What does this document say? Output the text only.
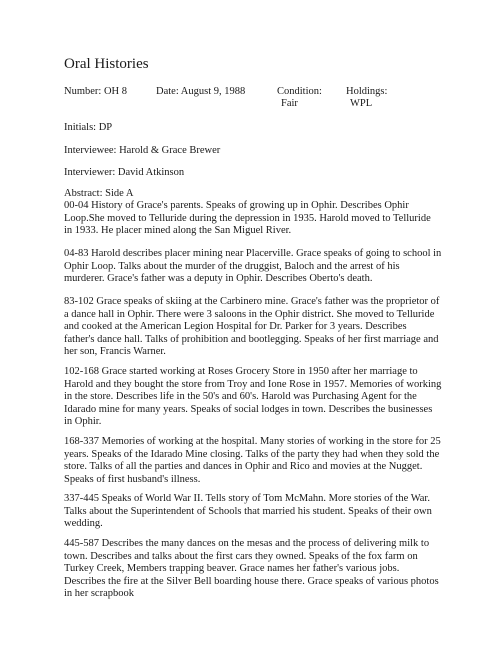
Oral Histories
Number: OH 8	Date: August 9, 1988	Condition:
Fair
Holdings:
WPL
Initials: DP
Interviewee: Harold & Grace Brewer
Interviewer: David Atkinson
Abstract: Side A
00-04 History of Grace's parents. Speaks of growing up in Ophir. Describes Ophir
Loop.She moved to Telluride during the depression in 1935. Harold moved to Telluride
in 1933. He placer mined along the San Miguel River.
04-83 Harold describes placer mining near Placerville. Grace speaks of going to school in
Ophir Loop. Talks about the murder of the druggist, Baloch and the arrest of his
murderer. Grace's father was a deputy in Ophir. Describes Oberto's death.
83-102 Grace speaks of skiing at the Carbinero mine. Grace's father was the proprietor of
a dance hall in Ophir. There were 3 saloons in the Ophir district. She moved to Telluride
and cooked at the American Legion Hospital for Dr. Parker for 3 years. Describes
father's dance hall. Talks of prohibition and bootlegging. Speaks of her first marriage and
her son, Francis Warner.
102-168 Grace started working at Roses Grocery Store in 1950 after her marriage to
Harold and they bought the store from Troy and Ione Rose in 1957. Memories of working
in the store. Describes life in the 50's and 60's. Harold was Purchasing Agent for the
Idarado mine for many years. Speaks of social lodges in town. Describes the businesses
in Ophir.
168-337 Memories of working at the hospital. Many stories of working in the store for 25
years. Speaks of the Idarado Mine closing. Talks of the party they had when they sold the
store. Talks of all the parties and dances in Ophir and Rico and movies at the Nugget.
Speaks of first husband's illness.
337-445 Speaks of World War II. Tells story of Tom McMahn. More stories of the War.
Talks about the Superintendent of Schools that married his student. Speaks of their own
wedding.
445-587 Describes the many dances on the mesas and the process of delivering milk to
town. Describes and talks about the first cars they owned. Speaks of the fox farm on
Turkey Creek, Members trapping beaver. Grace names her father's various jobs.
Describes the fire at the Silver Bell boarding house there. Grace speaks of various photos
in her scrapbook
